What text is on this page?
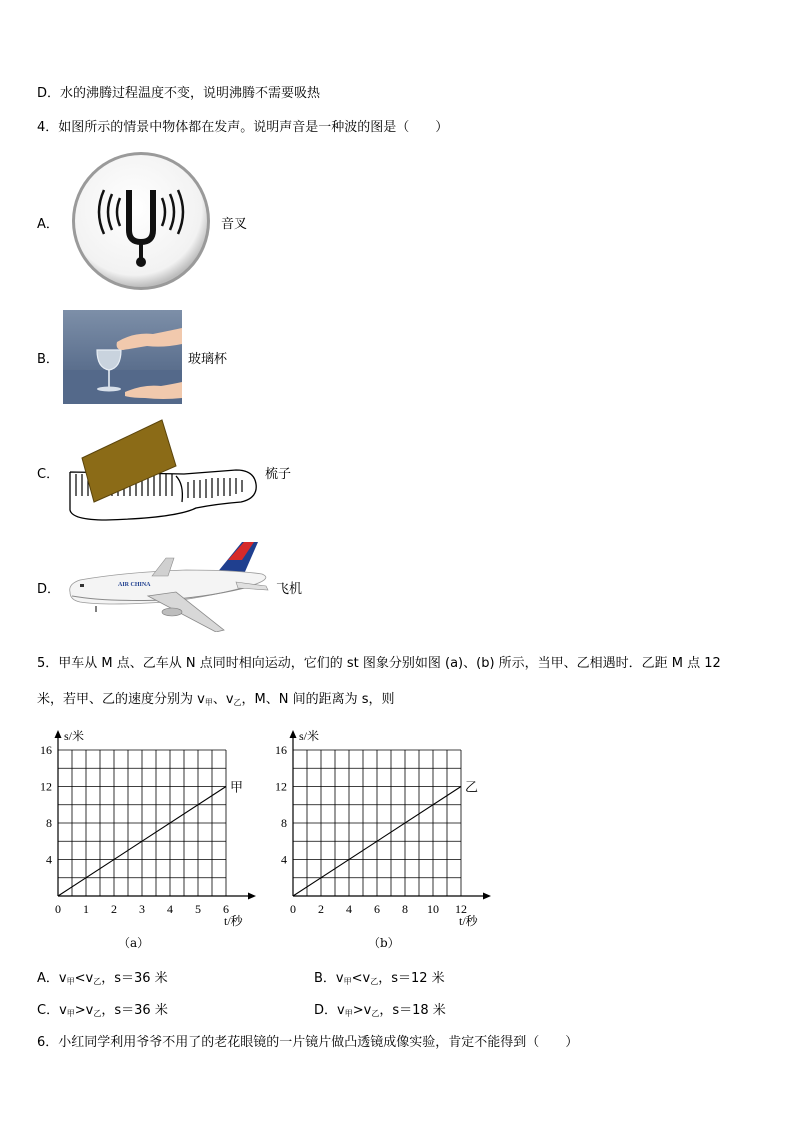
D．水的沸腾过程温度不变，说明沸腾不需要吸热
4．如图所示的情景中物体都在发声。说明声音是一种波的图是（　　）
A．	音叉
B．	玻璃杯
C．	梳子
D．	AIR CHINA	飞机
5．甲车从 M 点、乙车从 N 点同时相向运动，它们的 st 图象分别如图 (a)、(b) 所示，当甲、乙相遇时．乙距 M 点 12
米，若甲、乙的速度分别为 $v_甲$、$v_乙$，M、N 间的距离为 s，则
0 1 2 3 4 5 6
4
8
12
16
s/米
t/秒
甲
（a）
0 2 4 6 8 10 12
4
8
12
16
s/米
t/秒
乙
（b）
A．$v_甲<v_乙$，s＝36 米	B．$v_甲<v_乙$，s＝12 米
C．$v_甲>v_乙$，s＝36 米	D．$v_甲>v_乙$，s＝18 米
6．小红同学利用爷爷不用了的老花眼镜的一片镜片做凸透镜成像实验，肯定不能得到（　　）
